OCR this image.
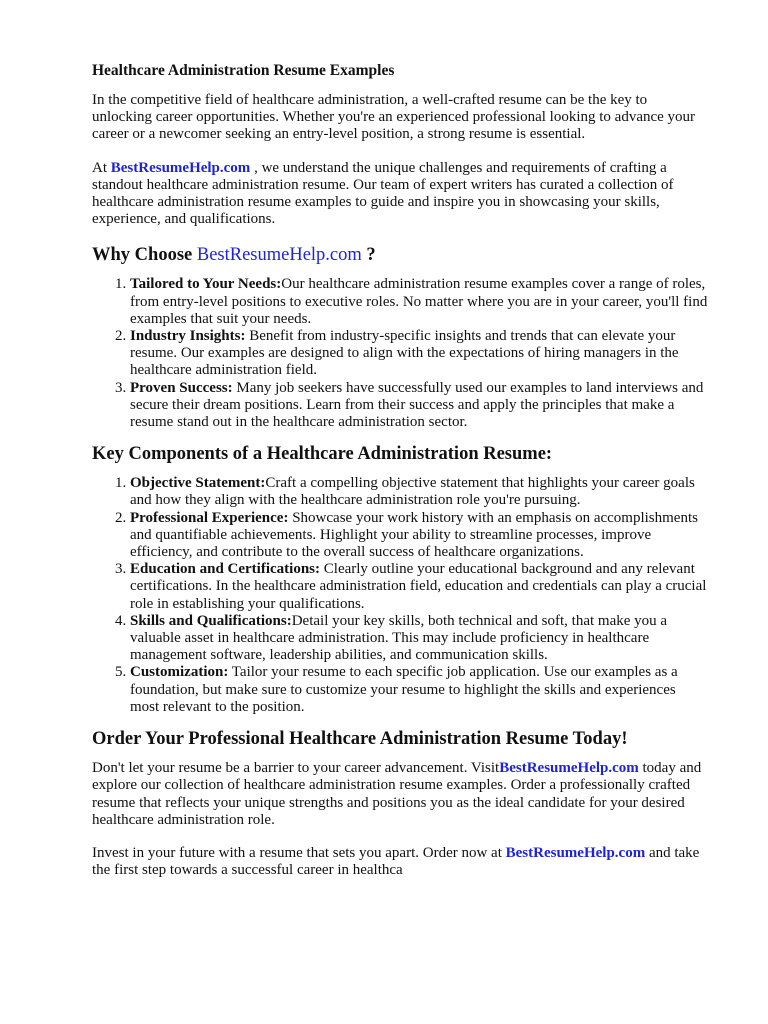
Healthcare Administration Resume Examples

In the competitive field of healthcare administration, a well-crafted resume can be the key to unlocking career opportunities. Whether you're an experienced professional looking to advance your career or a newcomer seeking an entry-level position, a strong resume is essential.

At BestResumeHelp.com , we understand the unique challenges and requirements of crafting a standout healthcare administration resume. Our team of expert writers has curated a collection of healthcare administration resume examples to guide and inspire you in showcasing your skills, experience, and qualifications.

Why Choose BestResumeHelp.com ?
1. Tailored to Your Needs:Our healthcare administration resume examples cover a range of roles, from entry-level positions to executive roles. No matter where you are in your career, you'll find examples that suit your needs.
2. Industry Insights: Benefit from industry-specific insights and trends that can elevate your resume. Our examples are designed to align with the expectations of hiring managers in the healthcare administration field.
3. Proven Success: Many job seekers have successfully used our examples to land interviews and secure their dream positions. Learn from their success and apply the principles that make a resume stand out in the healthcare administration sector.
Key Components of a Healthcare Administration Resume:
1. Objective Statement:Craft a compelling objective statement that highlights your career goals and how they align with the healthcare administration role you're pursuing.
2. Professional Experience: Showcase your work history with an emphasis on accomplishments and quantifiable achievements. Highlight your ability to streamline processes, improve efficiency, and contribute to the overall success of healthcare organizations.
3. Education and Certifications: Clearly outline your educational background and any relevant certifications. In the healthcare administration field, education and credentials can play a crucial role in establishing your qualifications.
4. Skills and Qualifications:Detail your key skills, both technical and soft, that make you a valuable asset in healthcare administration. This may include proficiency in healthcare management software, leadership abilities, and communication skills.
5. Customization: Tailor your resume to each specific job application. Use our examples as a foundation, but make sure to customize your resume to highlight the skills and experiences most relevant to the position.
Order Your Professional Healthcare Administration Resume Today!

Don't let your resume be a barrier to your career advancement. VisitBestResumeHelp.com today and explore our collection of healthcare administration resume examples. Order a professionally crafted resume that reflects your unique strengths and positions you as the ideal candidate for your desired healthcare administration role.

Invest in your future with a resume that sets you apart. Order now at BestResumeHelp.com and take the first step towards a successful career in healthca
